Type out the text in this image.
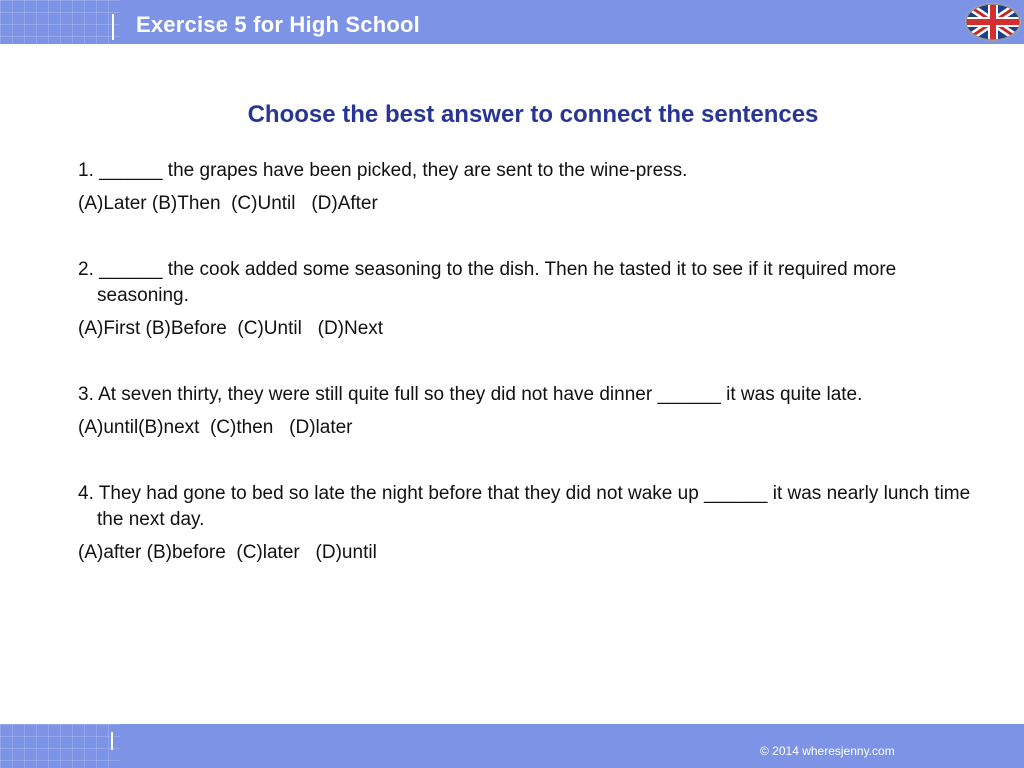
Exercise 5 for High School
Choose the best answer to connect the sentences

1. ______ the grapes have been picked, they are sent to the wine-press.

(A)Later (B)Then  (C)Until   (D)After

2. ______ the cook added some seasoning to the dish. Then he tasted it to see if it required more seasoning.

(A)First (B)Before  (C)Until   (D)Next

3. At seven thirty, they were still quite full so they did not have dinner ______ it was quite late.

(A)until(B)next  (C)then   (D)later

4. They had gone to bed so late the night before that they did not wake up ______ it was nearly lunch time the next day.

(A)after (B)before  (C)later   (D)until

© 2014 wheresjenny.com
